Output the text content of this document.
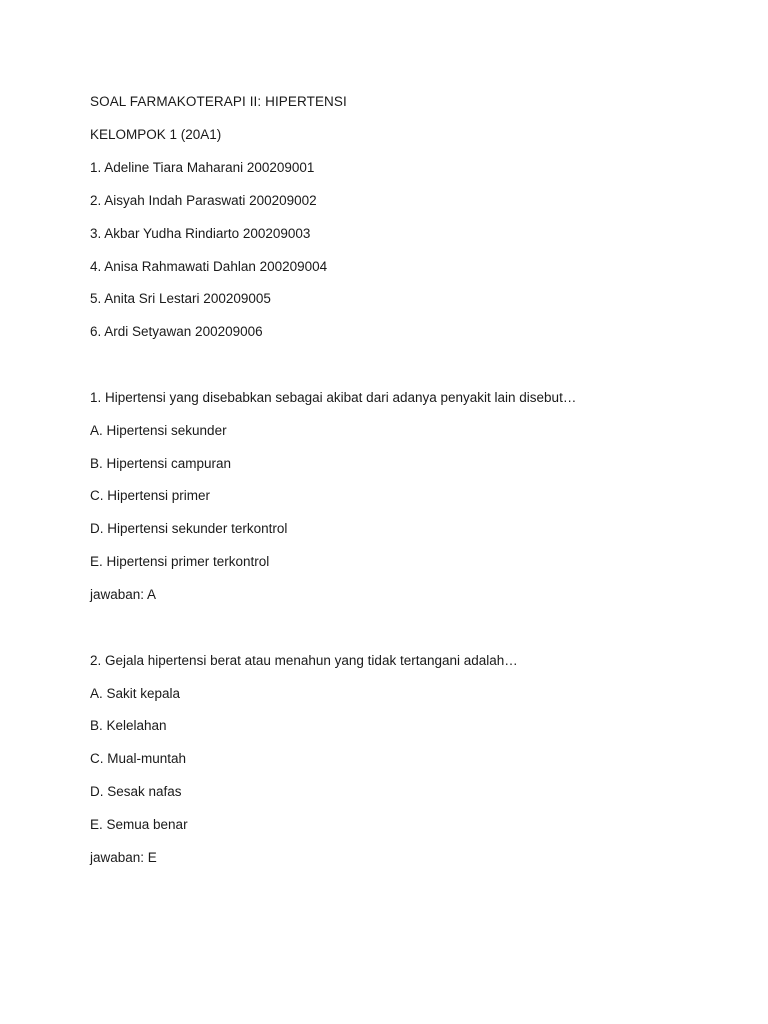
SOAL FARMAKOTERAPI II: HIPERTENSI
KELOMPOK 1 (20A1)
1. Adeline Tiara Maharani 200209001
2. Aisyah Indah Paraswati 200209002
3. Akbar Yudha Rindiarto 200209003
4. Anisa Rahmawati Dahlan 200209004
5. Anita Sri Lestari 200209005
6. Ardi Setyawan 200209006
1. Hipertensi yang disebabkan sebagai akibat dari adanya penyakit lain disebut…
A. Hipertensi sekunder
B. Hipertensi campuran
C. Hipertensi primer
D. Hipertensi sekunder terkontrol
E. Hipertensi primer terkontrol
jawaban: A
2. Gejala hipertensi berat atau menahun yang tidak tertangani adalah…
A. Sakit kepala
B. Kelelahan
C. Mual-muntah
D. Sesak nafas
E. Semua benar
jawaban: E
